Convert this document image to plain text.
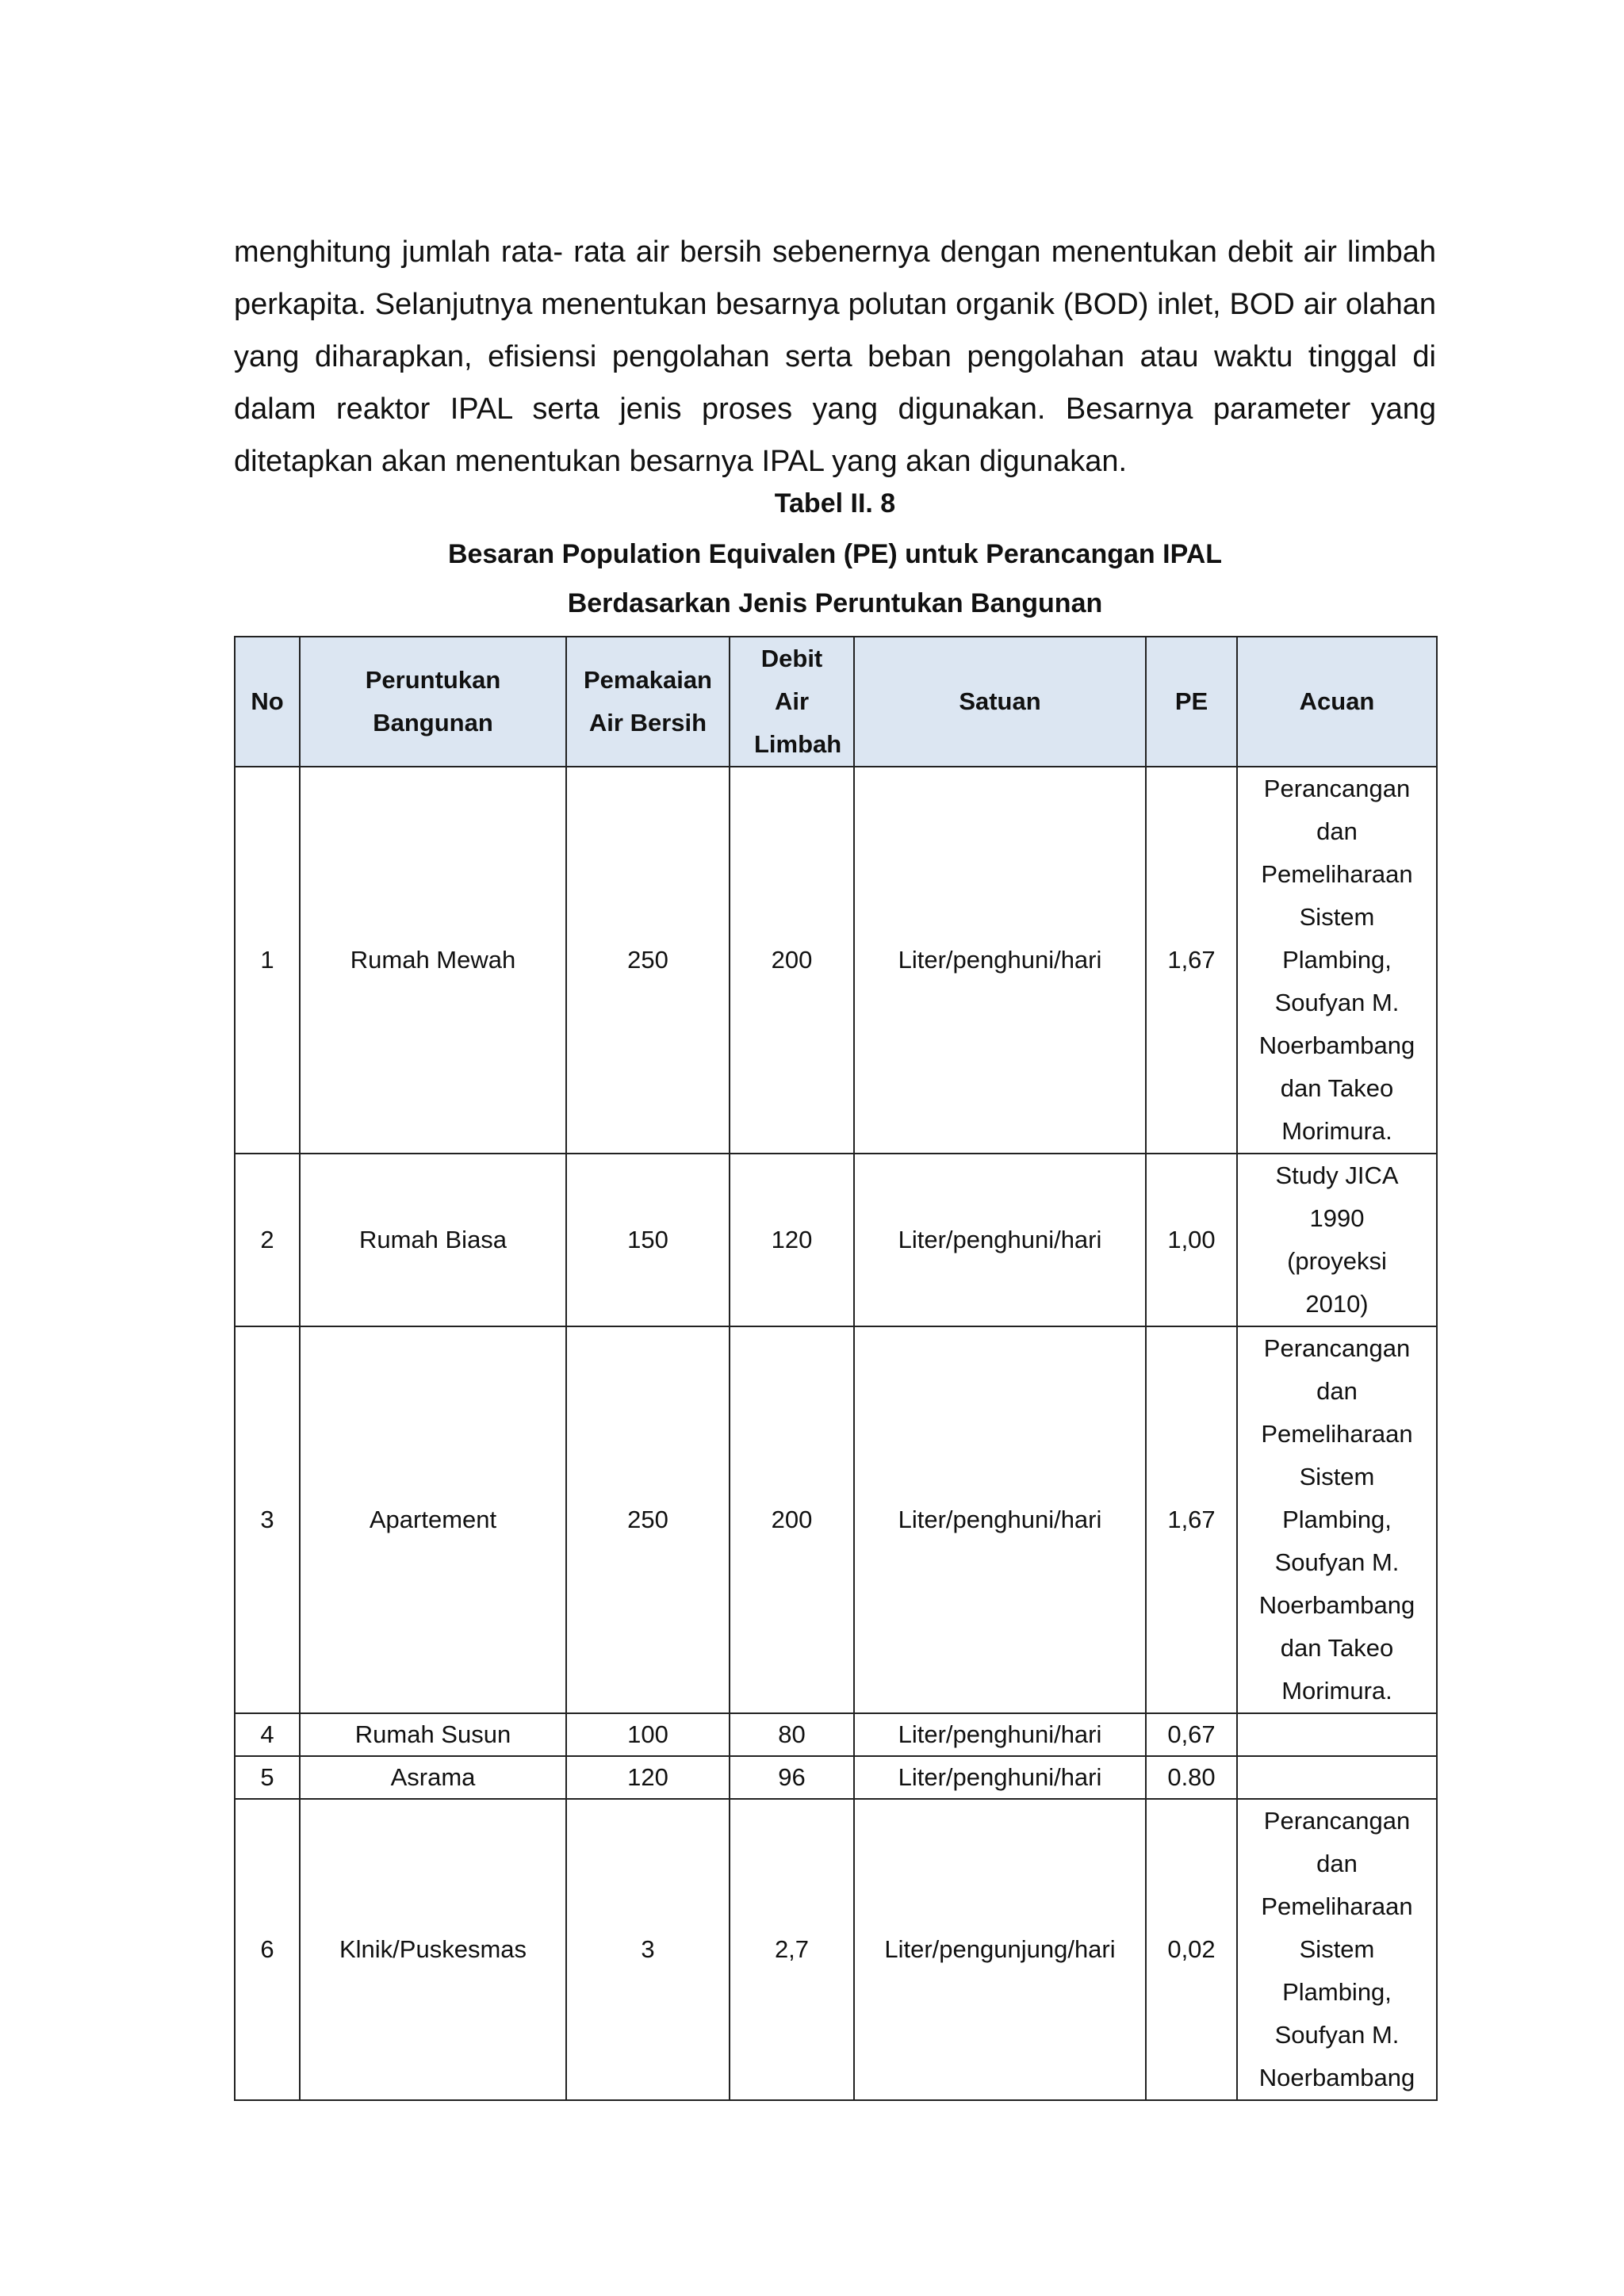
menghitung jumlah rata- rata air bersih sebenernya dengan menentukan debit air limbah perkapita. Selanjutnya menentukan besarnya polutan organik (BOD) inlet, BOD air olahan yang diharapkan, efisiensi pengolahan serta beban pengolahan atau waktu tinggal di dalam reaktor IPAL serta jenis proses yang digunakan. Besarnya parameter yang ditetapkan akan menentukan besarnya IPAL yang akan digunakan.

Tabel II. 8

Besaran Population Equivalen (PE) untuk Perancangan IPAL

Berdasarkan Jenis Peruntukan Bangunan

No	Peruntukan Bangunan	Pemakaian Air Bersih	Debit Air Limbah	Satuan	PE	Acuan
1	Rumah Mewah	250	200	Liter/penghuni/hari	1,67	Perancangan dan Pemeliharaan Sistem Plambing, Soufyan M. Noerbambang dan Takeo Morimura.
2	Rumah Biasa	150	120	Liter/penghuni/hari	1,00	Study JICA 1990 (proyeksi 2010)
3	Apartement	250	200	Liter/penghuni/hari	1,67	Perancangan dan Pemeliharaan Sistem Plambing, Soufyan M. Noerbambang dan Takeo Morimura.
4	Rumah Susun	100	80	Liter/penghuni/hari	0,67	
5	Asrama	120	96	Liter/penghuni/hari	0.80	
6	Klnik/Puskesmas	3	2,7	Liter/pengunjung/hari	0,02	Perancangan dan Pemeliharaan Sistem Plambing, Soufyan M. Noerbambang
